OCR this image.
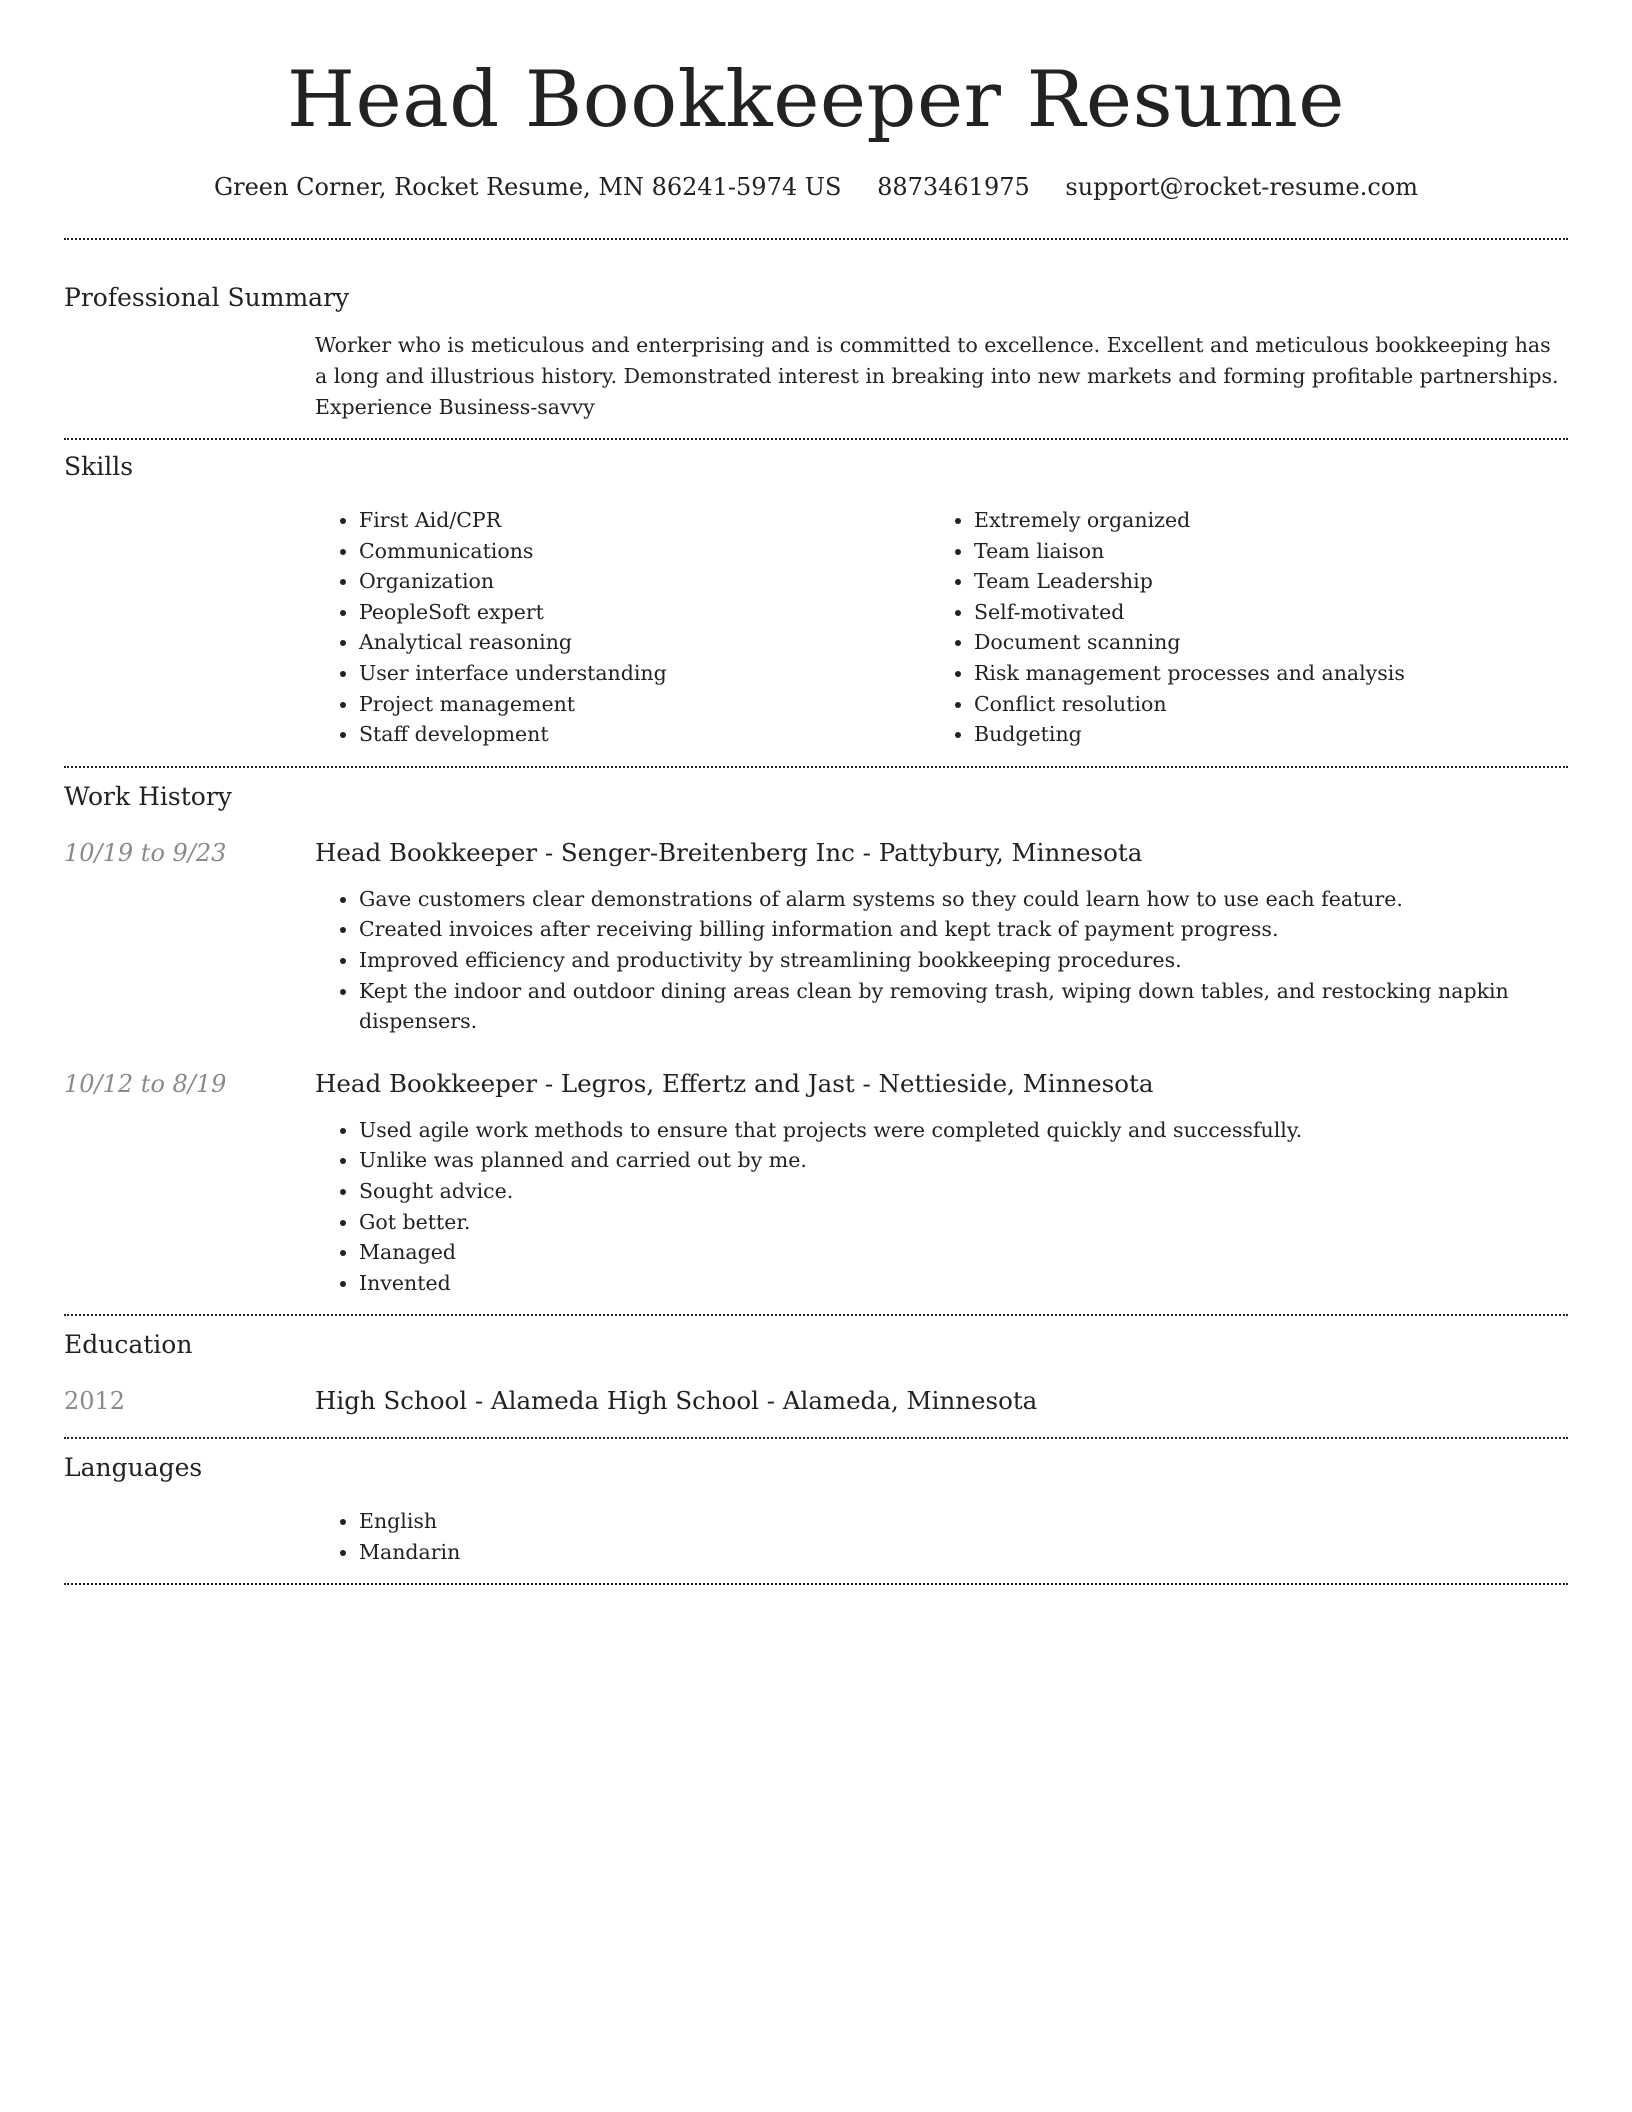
Head Bookkeeper Resume
Green Corner, Rocket Resume, MN 86241-5974 US 8873461975 support@rocket-resume.com
Professional Summary
Worker who is meticulous and enterprising and is committed to excellence. Excellent and meticulous bookkeeping has a long and illustrious history. Demonstrated interest in breaking into new markets and forming profitable partnerships. Experience Business-savvy
Skills
• First Aid/CPR
• Communications
• Organization
• PeopleSoft expert
• Analytical reasoning
• User interface understanding
• Project management
• Staff development
• Extremely organized
• Team liaison
• Team Leadership
• Self-motivated
• Document scanning
• Risk management processes and analysis
• Conflict resolution
• Budgeting
Work History
10/19 to 9/23	Head Bookkeeper - Senger-Breitenberg Inc - Pattybury, Minnesota
• Gave customers clear demonstrations of alarm systems so they could learn how to use each feature.
• Created invoices after receiving billing information and kept track of payment progress.
• Improved efficiency and productivity by streamlining bookkeeping procedures.
• Kept the indoor and outdoor dining areas clean by removing trash, wiping down tables, and restocking napkin dispensers.
10/12 to 8/19	Head Bookkeeper - Legros, Effertz and Jast - Nettieside, Minnesota
• Used agile work methods to ensure that projects were completed quickly and successfully.
• Unlike was planned and carried out by me.
• Sought advice.
• Got better.
• Managed
• Invented
Education
2012	High School - Alameda High School - Alameda, Minnesota
Languages
• English
• Mandarin
